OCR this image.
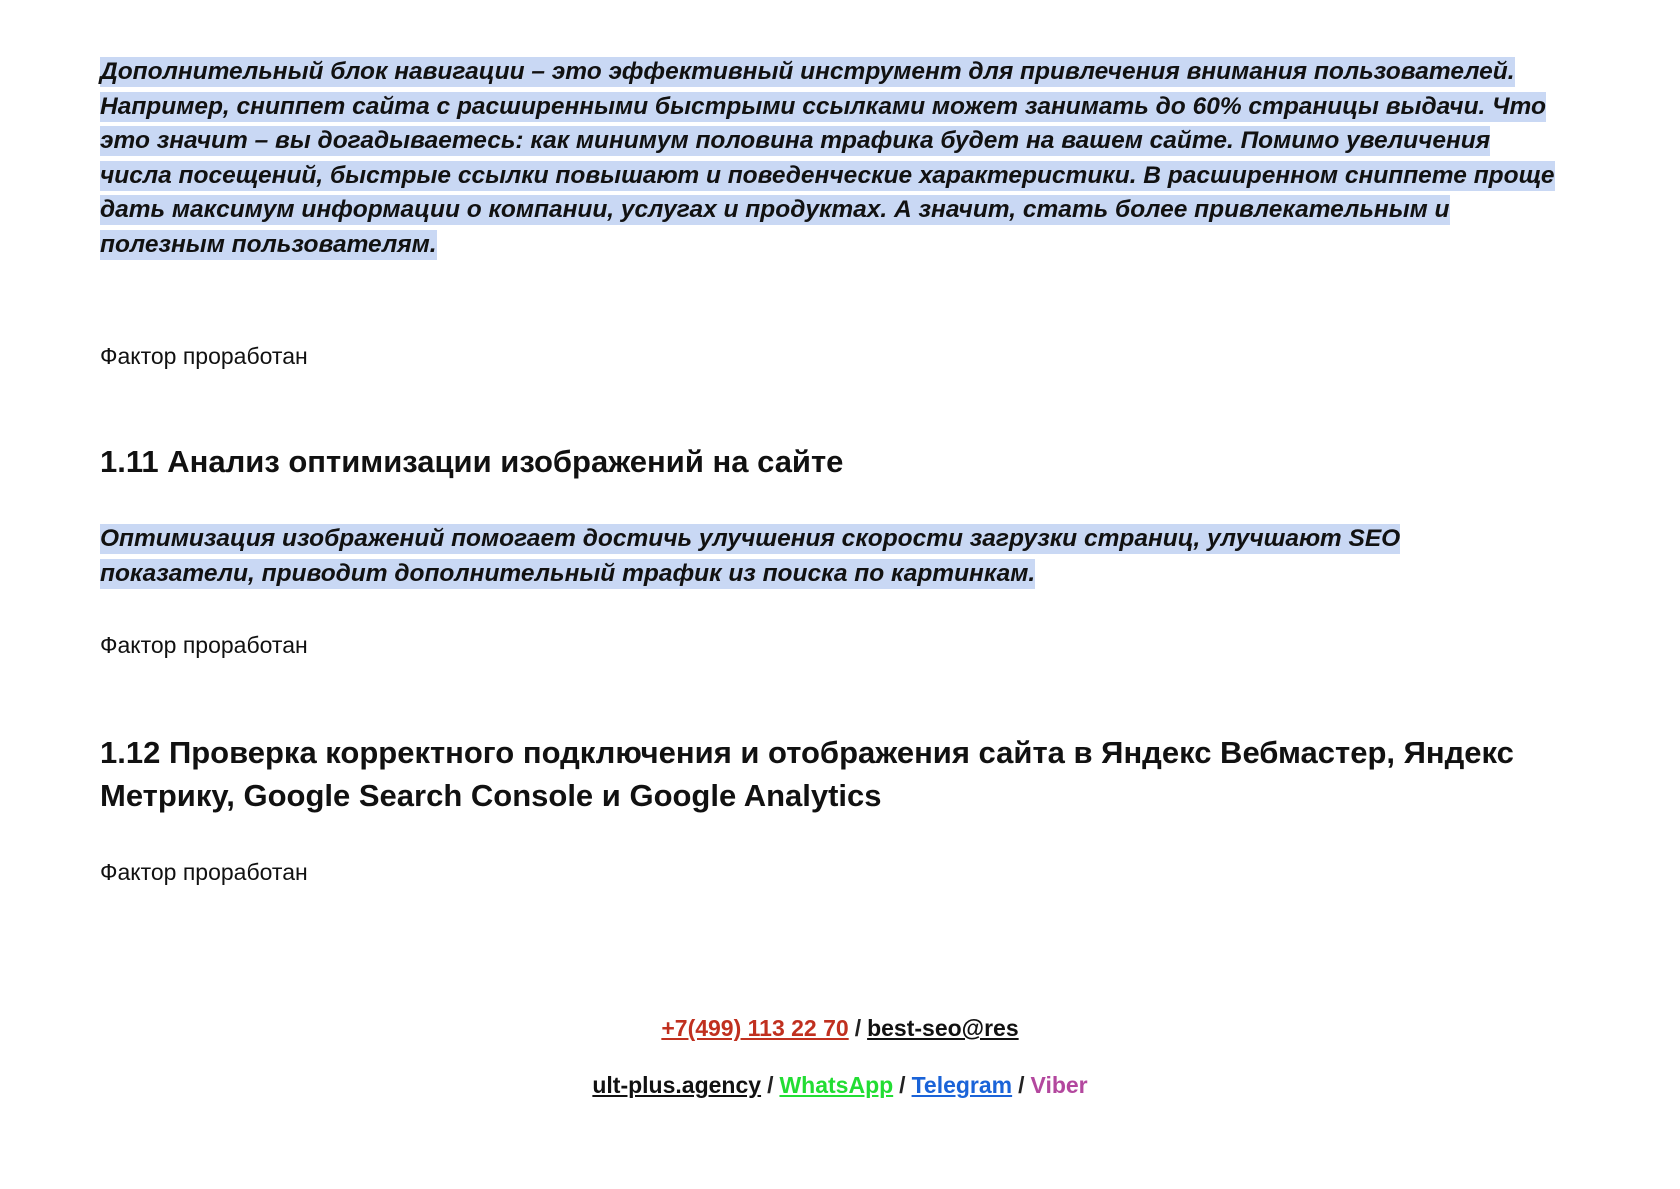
Дополнительный блок навигации – это эффективный инструмент для привлечения внимания пользователей. Например, сниппет сайта с расширенными быстрыми ссылками может занимать до 60% страницы выдачи. Что это значит – вы догадываетесь: как минимум половина трафика будет на вашем сайте. Помимо увеличения числа посещений, быстрые ссылки повышают и поведенческие характеристики. В расширенном сниппете проще дать максимум информации о компании, услугах и продуктах. А значит, стать более привлекательным и полезным пользователям.

Фактор проработан

1.11 Анализ оптимизации изображений на сайте

Оптимизация изображений помогает достичь улучшения скорости загрузки страниц, улучшают SEO показатели, приводит дополнительный трафик из поиска по картинкам.

Фактор проработан

1.12 Проверка корректного подключения и отображения сайта в Яндекс Вебмастер, Яндекс Метрику, Google Search Console и Google Analytics

Фактор проработан

+7(499) 113 22 70 / best-seo@res
ult-plus.agency / WhatsApp / Telegram / Viber
